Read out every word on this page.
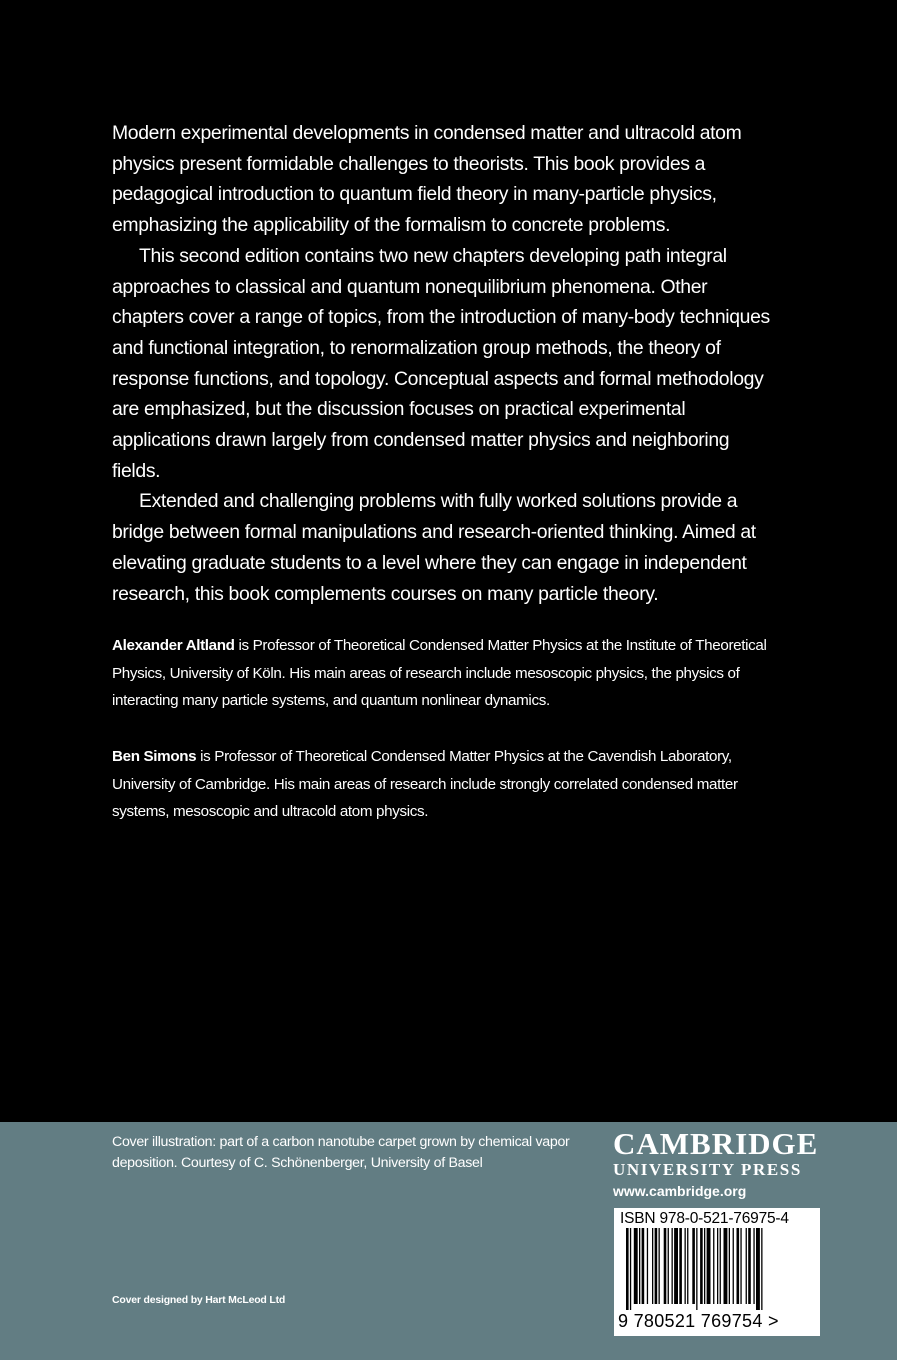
Modern experimental developments in condensed matter and ultracold atom physics present formidable challenges to theorists. This book provides a pedagogical introduction to quantum field theory in many-particle physics, emphasizing the applicability of the formalism to concrete problems.

This second edition contains two new chapters developing path integral approaches to classical and quantum nonequilibrium phenomena. Other chapters cover a range of topics, from the introduction of many-body techniques and functional integration, to renormalization group methods, the theory of response functions, and topology. Conceptual aspects and formal methodology are emphasized, but the discussion focuses on practical experimental applications drawn largely from condensed matter physics and neighboring fields.

Extended and challenging problems with fully worked solutions provide a bridge between formal manipulations and research-oriented thinking. Aimed at elevating graduate students to a level where they can engage in independent research, this book complements courses on many particle theory.

Alexander Altland is Professor of Theoretical Condensed Matter Physics at the Institute of Theoretical Physics, University of Köln. His main areas of research include mesoscopic physics, the physics of interacting many particle systems, and quantum nonlinear dynamics.
Ben Simons is Professor of Theoretical Condensed Matter Physics at the Cavendish Laboratory, University of Cambridge. His main areas of research include strongly correlated condensed matter systems, mesoscopic and ultracold atom physics.
Cover illustration: part of a carbon nanotube carpet grown by chemical vapor deposition. Courtesy of C. Schönenberger, University of Basel
Cover designed by Hart McLeod Ltd
CAMBRIDGE
UNIVERSITY PRESS
www.cambridge.org
ISBN 978-0-521-76975-4
9 780521 769754 >
